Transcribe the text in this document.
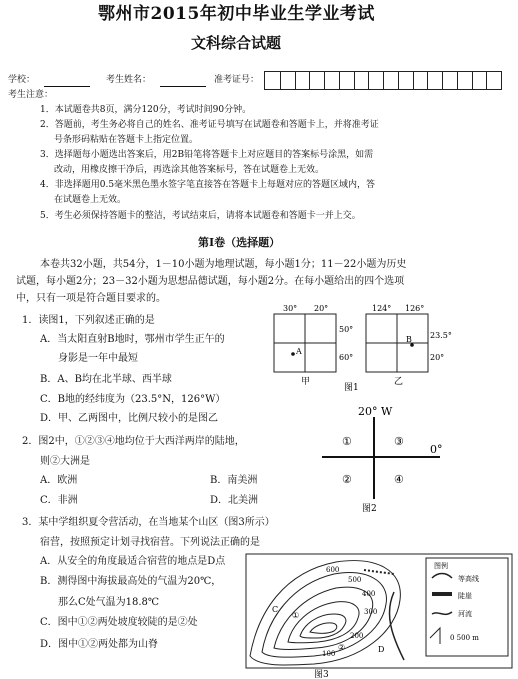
鄂州市2015年初中毕业生学业考试
文科综合试题
学校：	考生姓名：	准考证号：
考生注意：
1．本试题卷共8页，满分120分，考试时间90分钟。
2．答题前，考生务必将自己的姓名、准考证号填写在试题卷和答题卡上，并将准考证
号条形码粘贴在答题卡上指定位置。
3．选择题每小题选出答案后，用2B铅笔将答题卡上对应题目的答案标号涂黑，如需
改动，用橡皮擦干净后，再选涂其他答案标号，答在试题卷上无效。
4．非选择题用0.5毫米黑色墨水签字笔直接答在答题卡上每题对应的答题区域内，答
在试题卷上无效。
5．考生必须保持答题卡的整洁，考试结束后，请将本试题卷和答题卡一并上交。
第Ⅰ卷（选择题）
本卷共32小题，共54分，1－10小题为地理试题，每小题1分；11－22小题为历史
试题，每小题2分；23－32小题为思想品德试题，每小题2分。在每小题给出的四个选项
中，只有一项是符合题目要求的。
1．读图1，下列叙述正确的是
A．当太阳直射B地时，鄂州市学生正午的
身影是一年中最短
B．A、B均在北半球、西半球
C．B地的经纬度为（23.5°N，126°W）
D．甲、乙两图中，比例尺较小的是图乙
30° 20°	124° 126°
50°
60°
23.5°
20°
A
B
甲	乙
图1
2．图2中，①②③④地均位于大西洋两岸的陆地，
则②大洲是
A．欧洲	B．南美洲
C．非洲	D．北美洲
20° W
0°
①	③
②	④
图2
3．某中学组织夏令营活动，在当地某个山区（图3所示）
宿营，按照预定计划寻找宿营。下列说法正确的是
A．从安全的角度最适合宿营的地点是D点
B．测得图中海拔最高处的气温为20℃，
那么C处气温为18.8℃
C．图中①②两处坡度较陡的是②处
D．图中①②两处都为山脊
600
500
400
300
200
100
C
D
①
②
图例
等高线
陡崖
河流
0 500 m
图3
